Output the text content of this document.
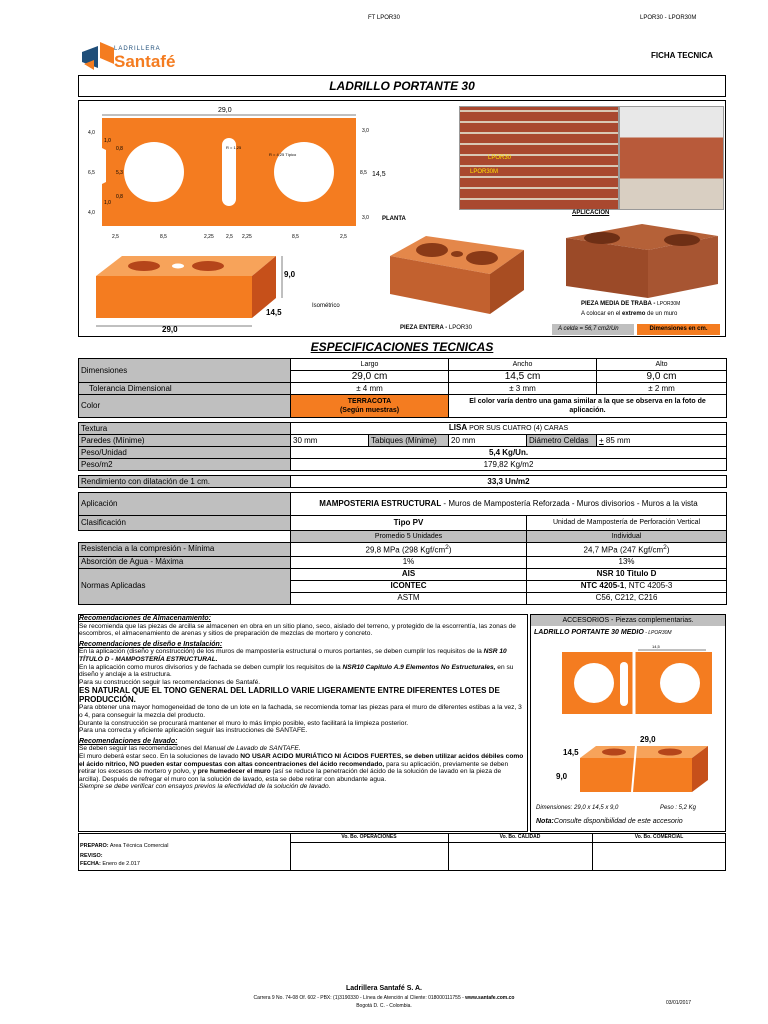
FT LPOR30	LPOR30 - LPOR30M
LADRILLERA
Santafé	FICHA TECNICA
LADRILLO PORTANTE 30
29,0
R = 1,25
R = 4,25 Típico
4,0
1,0
0,8
6,5	5,3
0,8
1,0
4,0
3,0
8,5 14,5
3,0
2,5	8,5	2,25 2,5 2,25	8,5	2,5
PLANTA
9,0
14,5
29,0
Isométrico
LPOR30
LPOR30M
APLICACION
PIEZA ENTERA - LPOR30
PIEZA MEDIA DE TRABA - LPOR30M
A colocar en el extremo de un muro
A celda = 56,7 cm2/Un	Dimensiones en cm.
ESPECIFICACIONES TECNICAS
Dimensiones	Largo		Ancho		Alto
	29,0 cm		14,5 cm		9,0 cm
Tolerancia Dimensional	± 4 mm		± 3 mm		± 2 mm
Color	TERRACOTA
(Según muestras)		El color varía dentro una gama similar a la que se observa en la foto de aplicación.		

Textura	LISA POR SUS CUATRO (4) CARAS				
Paredes (Mínime)	30 mm	Tabiques (Mínime)	20 mm	Diámetro Celdas	+ 85 mm
Peso/Unidad	5,4 Kg/Un.				
Peso/m2	179,82 Kg/m2				

Rendimiento con dilatación de 1 cm.	33,3 Un/m2				

Aplicación	MAMPOSTERIA ESTRUCTURAL - Muros de Mampostería Reforzada - Muros divisorios - Muros a la vista				
Clasificación	Tipo PV			Unidad de Mampostería de Perforación Vertical	
	Promedio 5 Unidades			Individual	
Resistencia a la compresión - Mínima	29,8 MPa (298 Kgf/$cm^2$)			24,7 MPa (247 Kgf/$cm^2$)	
Absorción de Agua - Máxima	1%			13%	
Normas Aplicadas	AIS			NSR 10 Titulo D	
	ICONTEC			NTC 4205-1, NTC 4205-3	
	ASTM			C56, C212, C216	

Recomendaciones de Almacenamiento:

Se recomienda que las piezas de arcilla se almacenen en obra en un sitio plano, seco, aislado del terreno, y protegido de la escorrentía, las zonas de escombros, el almacenamiento de arenas y sitios de preparación de mezclas de mortero y concreto.

Recomendaciones de diseño e Instalación:

En la aplicación (diseño y construcción) de los muros de mampostería estructural o muros portantes, se deben cumplir los requisitos de la NSR 10 TÍTULO D - MAMPOSTERÍA ESTRUCTURAL.

En la aplicación como muros divisorios y de fachada se deben cumplir los requisitos de la NSR10 Capitulo A.9 Elementos No Estructurales, en su diseño y anclaje a la estructura.

Para su construcción seguir las recomendaciones de Santafé.

ES NATURAL QUE EL TONO GENERAL DEL LADRILLO VARIE LIGERAMENTE ENTRE DIFERENTES LOTES DE PRODUCCIÓN.

Para obtener una mayor homogeneidad de tono de un lote en la fachada, se recomienda tomar las piezas para el muro de diferentes estibas a la vez, 3 o 4, para conseguir la mezcla del producto.

Durante la construcción se procurará mantener el muro lo más limpio posible, esto facilitará la limpieza posterior.

Para una correcta y eficiente aplicación seguir las instrucciones de SANTAFE.

Recomendaciones de lavado:

Se deben seguir las recomendaciones del Manual de Lavado de SANTAFE.

El muro deberá estar seco. En la soluciones de lavado NO USAR ACIDO MURIÁTICO NI ÁCIDOS FUERTES, se deben utilizar acidos débiles como el ácido nítrico, NO pueden estar compuestas con altas concentraciones del ácido recomendado, para su aplicación, previamente se deben retirar los excesos de mortero y polvo, y pre humedecer el muro (así se reduce la penetración del ácido de la solución de lavado en la pieza de arcilla). Después de refregar el muro con la solución de lavado, esta se debe retirar con abundante agua.

Siempre se debe verificar con ensayos previos la efectividad de la solución de lavado.

ACCESORIOS - Piezas complementarias.
LADRILLO PORTANTE 30 MEDIO - LPOR30M
14,5
29,0
14,5
9,0
Dimensiones: 29,0 x 14,5 x 9,0	Peso : 5,2 Kg
Nota:Consulte disponibilidad de este accesorio
Vo. Bo. OPERACIONES	Vo. Bo. CALIDAD	Vo. Bo. COMERCIAL
PREPARO: Area Técnica Comercial
REVISO:
FECHA: Enero de 2.017
Ladrillera Santafé S. A.
Carrera 9 No. 74-08 Of. 602 - PBX: (1)3190330 - Línea de Atención al Cliente: 018000111755 - www.santafe.com.co
Bogotá D. C. - Colombia.	03/01/2017
